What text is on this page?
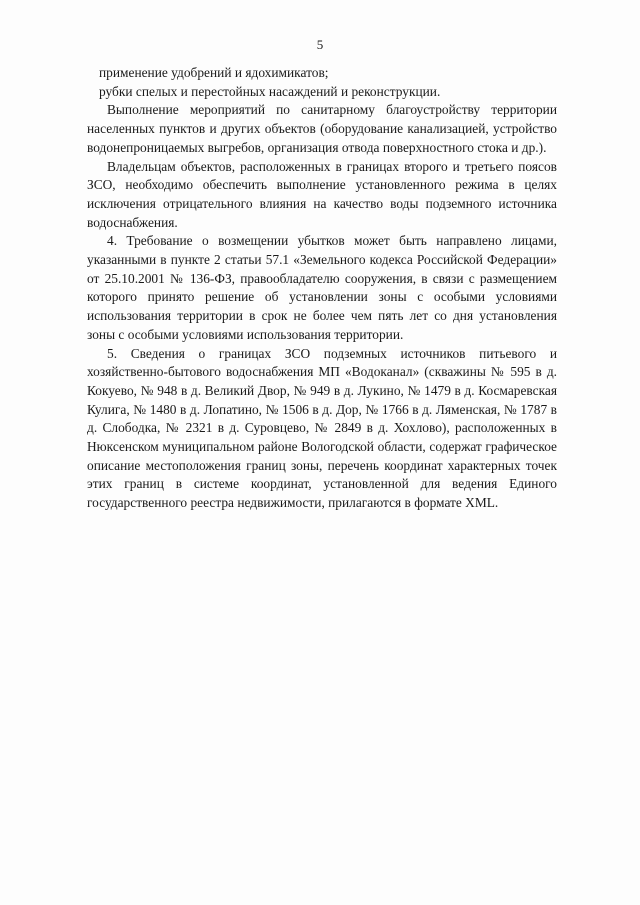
5

применение удобрений и ядохимикатов;

рубки спелых и перестойных насаждений и реконструкции.

Выполнение мероприятий по санитарному благоустройству территории населенных пунктов и других объектов (оборудование канализацией, устройство водонепроницаемых выгребов, организация отвода поверхностного стока и др.).

Владельцам объектов, расположенных в границах второго и третьего поясов ЗСО, необходимо обеспечить выполнение установленного режима в целях исключения отрицательного влияния на качество воды подземного источника водоснабжения.

4. Требование о возмещении убытков может быть направлено лицами, указанными в пункте 2 статьи 57.1 «Земельного кодекса Российской Федерации» от 25.10.2001 № 136-ФЗ, правообладателю сооружения, в связи с размещением которого принято решение об установлении зоны с особыми условиями использования территории в срок не более чем пять лет со дня установления зоны с особыми условиями использования территории.

5. Сведения о границах ЗСО подземных источников питьевого и хозяйственно-бытового водоснабжения МП «Водоканал» (скважины № 595 в д. Кокуево, № 948 в д. Великий Двор, № 949 в д. Лукино, № 1479 в д. Космаревская Кулига, № 1480 в д. Лопатино, № 1506 в д. Дор, № 1766 в д. Ляменская, № 1787 в д. Слободка, № 2321 в д. Суровцево, № 2849 в д. Хохлово), расположенных в Нюксенском муниципальном районе Вологодской области, содержат графическое описание местоположения границ зоны, перечень координат характерных точек этих границ в системе координат, установленной для ведения Единого государственного реестра недвижимости, прилагаются в формате XML.
